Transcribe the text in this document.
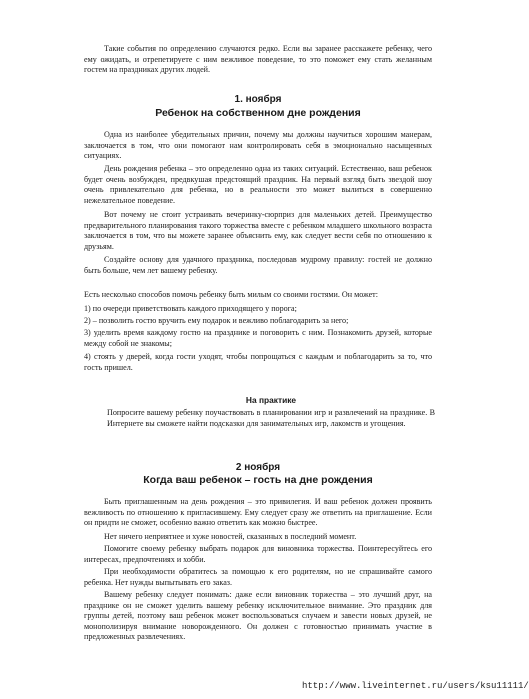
Такие события по определению случаются редко. Если вы заранее расскажете ребенку, чего ему ожидать, и отрепетируете с ним вежливое поведение, то это поможет ему стать желанным гостем на праздниках других людей.

1. ноября
Ребенок на собственном дне рождения

Одна из наиболее убедительных причин, почему мы должны научиться хорошим манерам, заключается в том, что они помогают нам контролировать себя в эмоционально насыщенных ситуациях.

День рождения ребенка – это определенно одна из таких ситуаций. Естественно, ваш ребенок будет очень возбужден, предвкушая предстоящий праздник. На первый взгляд быть звездой шоу очень привлекательно для ребенка, но в реальности это может вылиться в совершенно нежелательное поведение.

Вот почему не стоит устраивать вечеринку-сюрприз для маленьких детей. Преимущество предварительного планирования такого торжества вместе с ребенком младшего школьного возраста заключается в том, что вы можете заранее объяснить ему, как следует вести себя по отношению к друзьям.

Создайте основу для удачного праздника, последовав мудрому правилу: гостей не должно быть больше, чем лет вашему ребенку.

Есть несколько способов помочь ребенку быть милым со своими гостями. Он может:

1) по очереди приветствовать каждого приходящего у порога;

2) – позволить гостю вручить ему подарок и вежливо поблагодарить за него;

3) уделить время каждому гостю на празднике и поговорить с ним. Познакомить друзей, которые между собой не знакомы;

4) стоять у дверей, когда гости уходят, чтобы попрощаться с каждым и поблагодарить за то, что гость пришел.

На практике

Попросите вашему ребенку поучаствовать в планировании игр и развлечений на празднике. В Интернете вы сможете найти подсказки для занимательных игр, лакомств и угощения.

2 ноября
Когда ваш ребенок – гость на дне рождения

Быть приглашенным на день рождения – это привилегия. И ваш ребенок должен проявить вежливость по отношению к пригласившему. Ему следует сразу же ответить на приглашение. Если он придти не сможет, особенно важно ответить как можно быстрее.

Нет ничего неприятнее и хуже новостей, сказанных в последний момент.

Помогите своему ребенку выбрать подарок для виновника торжества. Поинтересуйтесь его интересах, предпочтениях и хобби.

При необходимости обратитесь за помощью к его родителям, но не спрашивайте самого ребенка. Нет нужды выпытывать его заказ.

Вашему ребенку следует понимать: даже если виновник торжества – это лучший друг, на празднике он не сможет уделить вашему ребенку исключительное внимание. Это праздник для группы детей, поэтому ваш ребенок может воспользоваться случаем и завести новых друзей, не монополизируя внимание новорожденного. Он должен с готовностью принимать участие в предложенных развлечениях.

http://www.liveinternet.ru/users/ksu11111/
